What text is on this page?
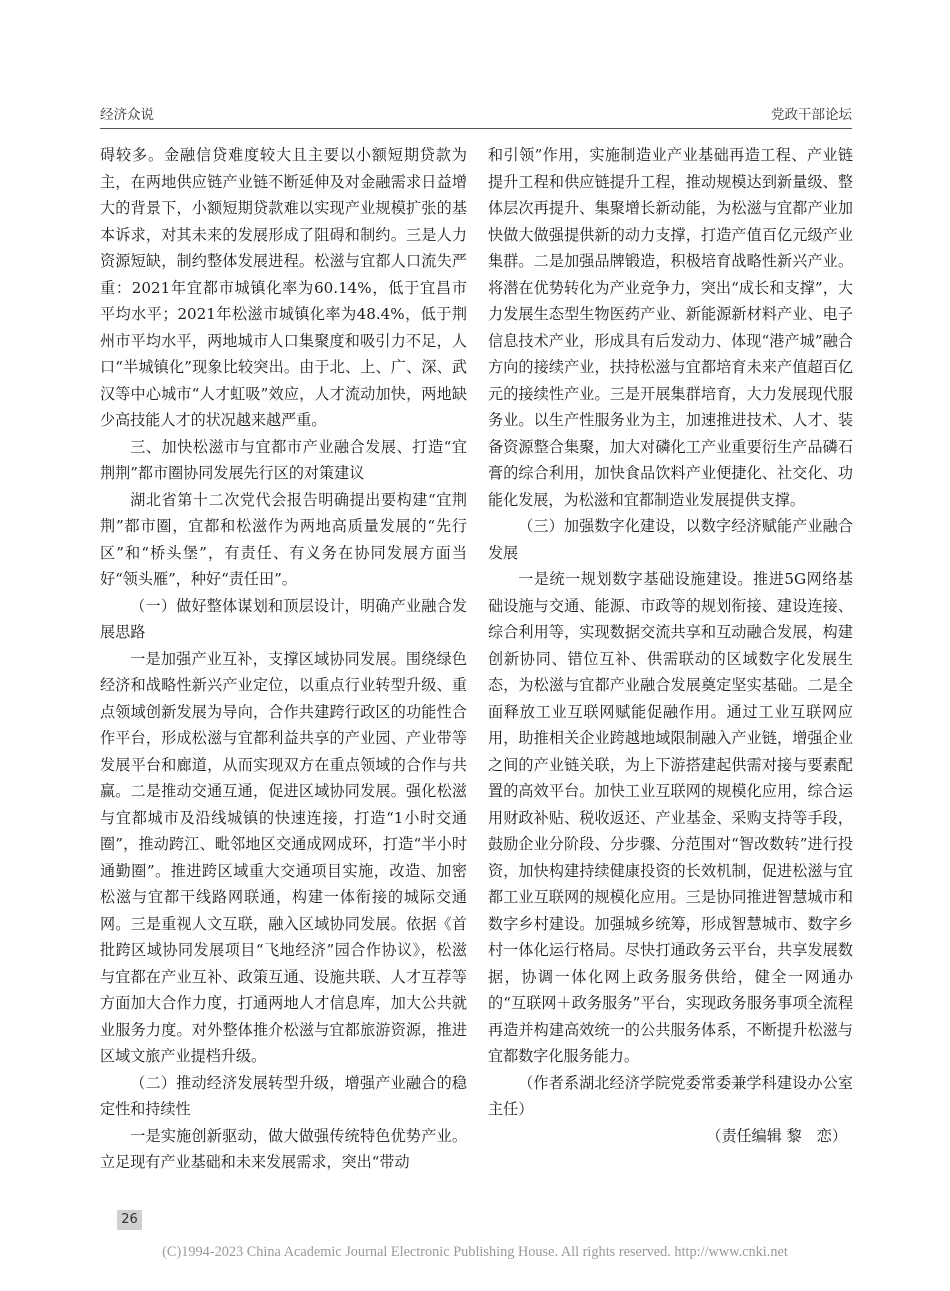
经济众说	党政干部论坛

碍较多。金融信贷难度较大且主要以小额短期贷款为主，在两地供应链产业链不断延伸及对金融需求日益增大的背景下，小额短期贷款难以实现产业规模扩张的基本诉求，对其未来的发展形成了阻碍和制约。三是人力资源短缺，制约整体发展进程。松滋与宜都人口流失严重：2021年宜都市城镇化率为60.14%，低于宜昌市平均水平；2021年松滋市城镇化率为48.4%，低于荆州市平均水平，两地城市人口集聚度和吸引力不足，人口“半城镇化”现象比较突出。由于北、上、广、深、武汉等中心城市“人才虹吸”效应，人才流动加快，两地缺少高技能人才的状况越来越严重。

三、加快松滋市与宜都市产业融合发展、打造“宜荆荆”都市圈协同发展先行区的对策建议

湖北省第十二次党代会报告明确提出要构建“宜荆荆”都市圈，宜都和松滋作为两地高质量发展的“先行区”和“桥头堡”，有责任、有义务在协同发展方面当好“领头雁”，种好“责任田”。

（一）做好整体谋划和顶层设计，明确产业融合发展思路

一是加强产业互补，支撑区域协同发展。围绕绿色经济和战略性新兴产业定位，以重点行业转型升级、重点领域创新发展为导向，合作共建跨行政区的功能性合作平台，形成松滋与宜都利益共享的产业园、产业带等发展平台和廊道，从而实现双方在重点领域的合作与共赢。二是推动交通互通，促进区域协同发展。强化松滋与宜都城市及沿线城镇的快速连接，打造“1小时交通圈”，推动跨江、毗邻地区交通成网成环，打造“半小时通勤圈”。推进跨区域重大交通项目实施，改造、加密松滋与宜都干线路网联通，构建一体衔接的城际交通网。三是重视人文互联，融入区域协同发展。依据《首批跨区域协同发展项目“飞地经济”园合作协议》，松滋与宜都在产业互补、政策互通、设施共联、人才互荐等方面加大合作力度，打通两地人才信息库，加大公共就业服务力度。对外整体推介松滋与宜都旅游资源，推进区域文旅产业提档升级。

（二）推动经济发展转型升级，增强产业融合的稳定性和持续性

一是实施创新驱动，做大做强传统特色优势产业。立足现有产业基础和未来发展需求，突出“带动

和引领”作用，实施制造业产业基础再造工程、产业链提升工程和供应链提升工程，推动规模达到新量级、整体层次再提升、集聚增长新动能，为松滋与宜都产业加快做大做强提供新的动力支撑，打造产值百亿元级产业集群。二是加强品牌锻造，积极培育战略性新兴产业。将潜在优势转化为产业竞争力，突出“成长和支撑”，大力发展生态型生物医药产业、新能源新材料产业、电子信息技术产业，形成具有后发动力、体现“港产城”融合方向的接续产业，扶持松滋与宜都培育未来产值超百亿元的接续性产业。三是开展集群培育，大力发展现代服务业。以生产性服务业为主，加速推进技术、人才、装备资源整合集聚，加大对磷化工产业重要衍生产品磷石膏的综合利用，加快食品饮料产业便捷化、社交化、功能化发展，为松滋和宜都制造业发展提供支撑。

（三）加强数字化建设，以数字经济赋能产业融合发展

一是统一规划数字基础设施建设。推进5G网络基础设施与交通、能源、市政等的规划衔接、建设连接、综合利用等，实现数据交流共享和互动融合发展，构建创新协同、错位互补、供需联动的区域数字化发展生态，为松滋与宜都产业融合发展奠定坚实基础。二是全面释放工业互联网赋能促融作用。通过工业互联网应用，助推相关企业跨越地域限制融入产业链，增强企业之间的产业链关联，为上下游搭建起供需对接与要素配置的高效平台。加快工业互联网的规模化应用，综合运用财政补贴、税收返还、产业基金、采购支持等手段，鼓励企业分阶段、分步骤、分范围对“智改数转”进行投资，加快构建持续健康投资的长效机制，促进松滋与宜都工业互联网的规模化应用。三是协同推进智慧城市和数字乡村建设。加强城乡统筹，形成智慧城市、数字乡村一体化运行格局。尽快打通政务云平台，共享发展数据，协调一体化网上政务服务供给，健全一网通办的“互联网＋政务服务”平台，实现政务服务事项全流程再造并构建高效统一的公共服务体系，不断提升松滋与宜都数字化服务能力。

（作者系湖北经济学院党委常委兼学科建设办公室主任）

（责任编辑 黎　恋）

26
(C)1994-2023 China Academic Journal Electronic Publishing House. All rights reserved. http://www.cnki.net
